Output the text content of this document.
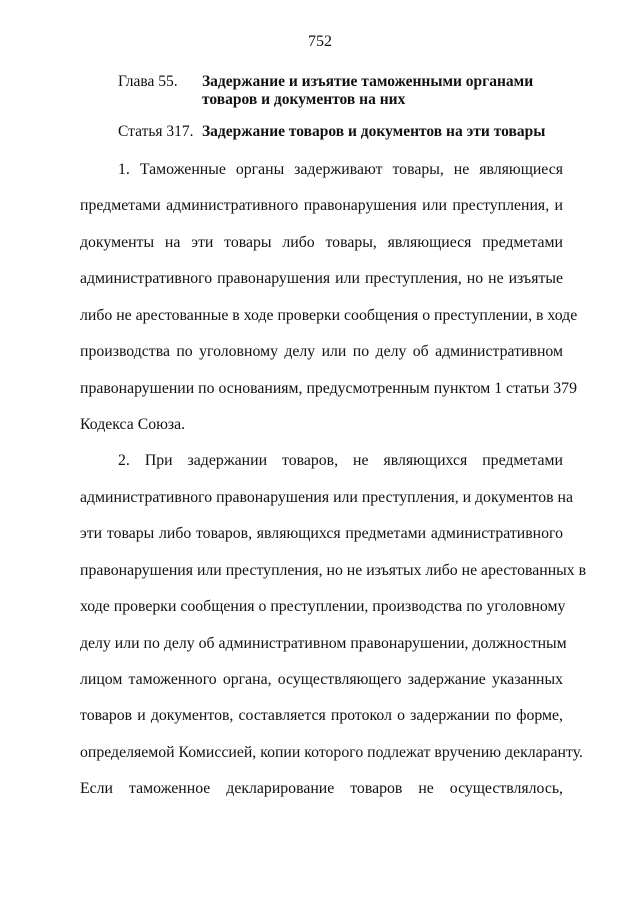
752
Глава 55. Задержание и изъятие таможенными органами
товаров и документов на них
Статья 317. Задержание товаров и документов на эти товары
1. Таможенные органы задерживают товары, не являющиеся
предметами административного правонарушения или преступления, и
документы на эти товары либо товары, являющиеся предметами
административного правонарушения или преступления, но не изъятые
либо не арестованные в ходе проверки сообщения о преступлении, в ходе
производства по уголовному делу или по делу об административном
правонарушении по основаниям, предусмотренным пунктом 1 статьи 379
Кодекса Союза.
2. При задержании товаров, не являющихся предметами
административного правонарушения или преступления, и документов на
эти товары либо товаров, являющихся предметами административного
правонарушения или преступления, но не изъятых либо не арестованных в
ходе проверки сообщения о преступлении, производства по уголовному
делу или по делу об административном правонарушении, должностным
лицом таможенного органа, осуществляющего задержание указанных
товаров и документов, составляется протокол о задержании по форме,
определяемой Комиссией, копии которого подлежат вручению декларанту.
Если таможенное декларирование товаров не осуществлялось,
